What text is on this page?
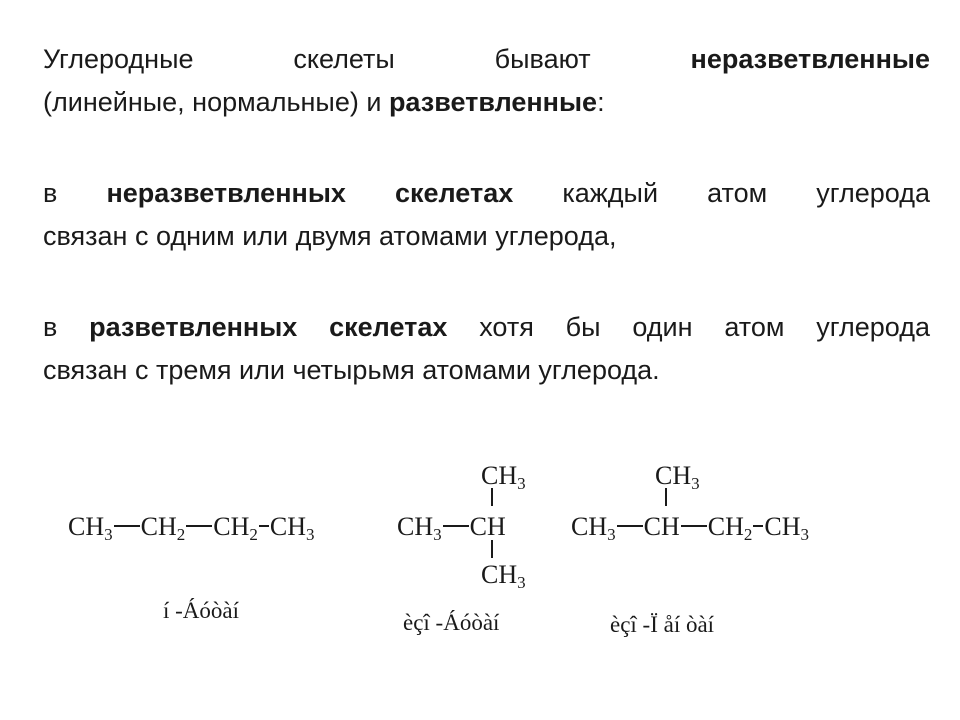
Углеродные	скелеты	бывают	неразветвленные
(линейные, нормальные) и разветвленные:
в неразветвленных скелетах каждый атом углерода
связан с одним или двумя атомами углерода,
в разветвленных скелетах хотя бы один атом углерода
связан с тремя или четырьмя атомами углерода.
$CH_3$ $CH_2$ $CH_2$ $CH_3$
í -Áóòàí
$CH_3$
$CH_3$ CH
$CH_3$
èçî -Áóòàí
$CH_3$
$CH_3$ CH $CH_2$ $CH_3$
èçî -Ï åí òàí
